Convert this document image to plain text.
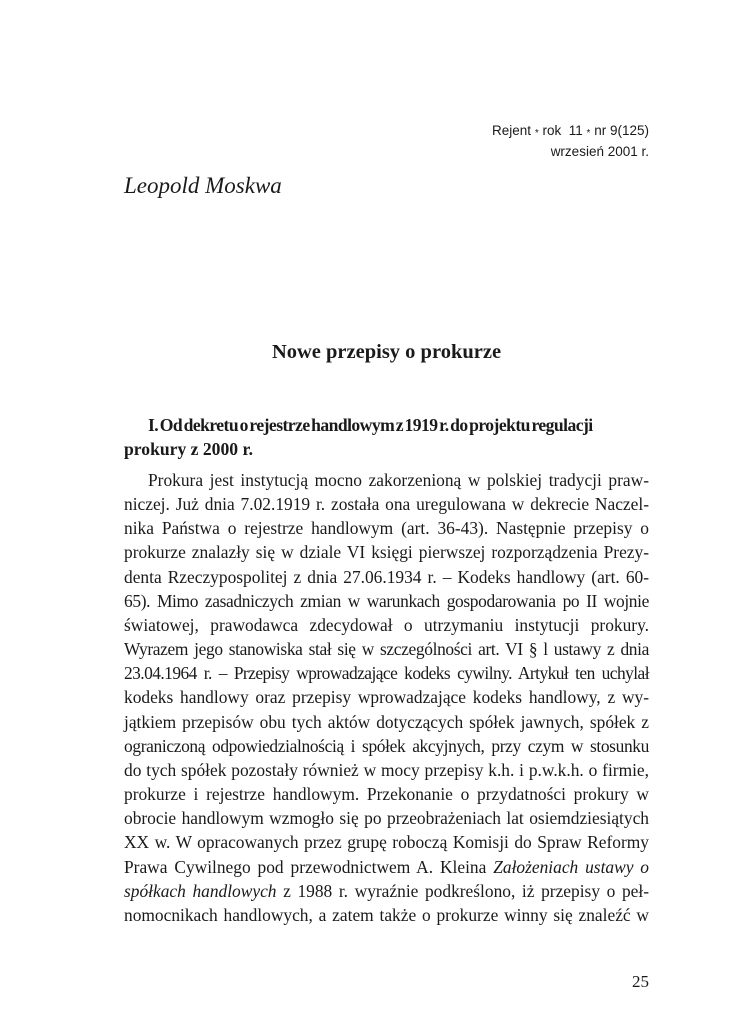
Rejent * rok 11 * nr 9(125)
wrzesień 2001 r.
Leopold Moskwa
Nowe przepisy o prokurze
I. Od dekretu o rejestrze handlowym z 1919 r. do projektu regulacji
prokury z 2000 r.
Prokura jest instytucją mocno zakorzenioną w polskiej tradycji praw-
niczej. Już dnia 7.02.1919 r. została ona uregulowana w dekrecie Naczel-
nika Państwa o rejestrze handlowym (art. 36-43). Następnie przepisy o
prokurze znalazły się w dziale VI księgi pierwszej rozporządzenia Prezy-
denta Rzeczypospolitej z dnia 27.06.1934 r. – Kodeks handlowy (art. 60-
65). Mimo zasadniczych zmian w warunkach gospodarowania po II wojnie
światowej, prawodawca zdecydował o utrzymaniu instytucji prokury.
Wyrazem jego stanowiska stał się w szczególności art. VI § l ustawy z dnia
23.04.1964 r. – Przepisy wprowadzające kodeks cywilny. Artykuł ten uchylał
kodeks handlowy oraz przepisy wprowadzające kodeks handlowy, z wy-
jątkiem przepisów obu tych aktów dotyczących spółek jawnych, spółek z
ograniczoną odpowiedzialnością i spółek akcyjnych, przy czym w stosunku
do tych spółek pozostały również w mocy przepisy k.h. i p.w.k.h. o firmie,
prokurze i rejestrze handlowym. Przekonanie o przydatności prokury w
obrocie handlowym wzmogło się po przeobrażeniach lat osiemdziesiątych
XX w. W opracowanych przez grupę roboczą Komisji do Spraw Reformy
Prawa Cywilnego pod przewodnictwem A. Kleina Założeniach ustawy o
spółkach handlowych z 1988 r. wyraźnie podkreślono, iż przepisy o peł-
nomocnikach handlowych, a zatem także o prokurze winny się znaleźć w
25
